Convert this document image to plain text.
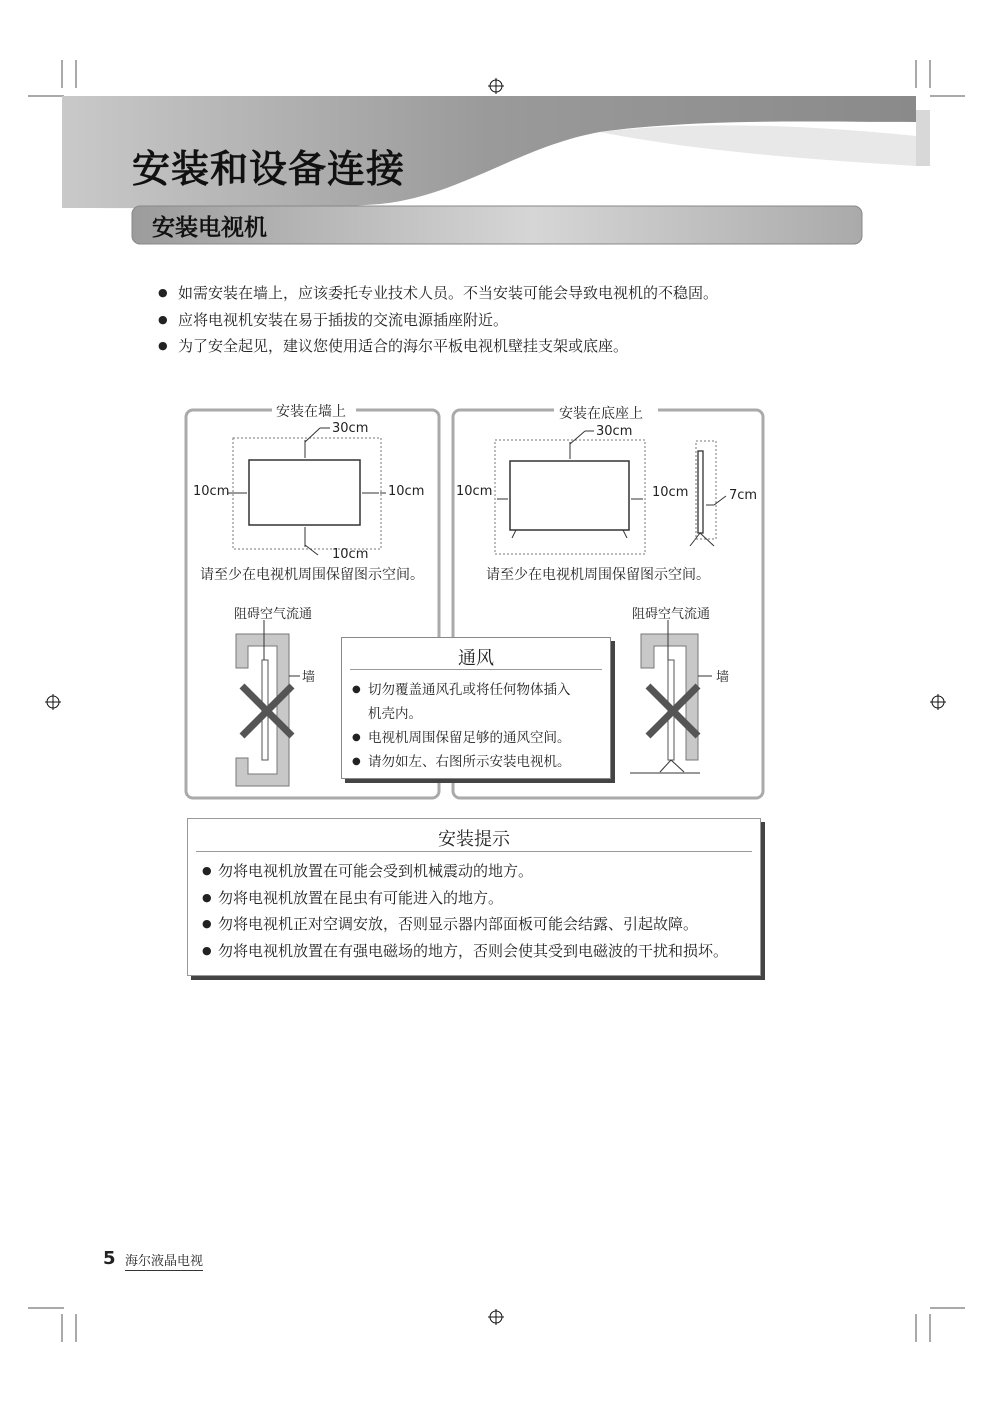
安装和设备连接
安装电视机
● 如需安装在墙上，应该委托专业技术人员。不当安装可能会导致电视机的不稳固。
● 应将电视机安装在易于插拔的交流电源插座附近。
● 为了安全起见，建议您使用适合的海尔平板电视机壁挂支架或底座。
安装在墙上
30cm
10cm	10cm
10cm
请至少在电视机周围保留图示空间。
阻碍空气流通
墙
安装在底座上
30cm
10cm	10cm	7cm
请至少在电视机周围保留图示空间。
阻碍空气流通
墙
通风
● 切勿覆盖通风孔或将任何物体插入
机壳内。
● 电视机周围保留足够的通风空间。
● 请勿如左、右图所示安装电视机。
安装提示
● 勿将电视机放置在可能会受到机械震动的地方。
● 勿将电视机放置在昆虫有可能进入的地方。
● 勿将电视机正对空调安放，否则显示器内部面板可能会结露、引起故障。
● 勿将电视机放置在有强电磁场的地方，否则会使其受到电磁波的干扰和损坏。
5 海尔液晶电视
